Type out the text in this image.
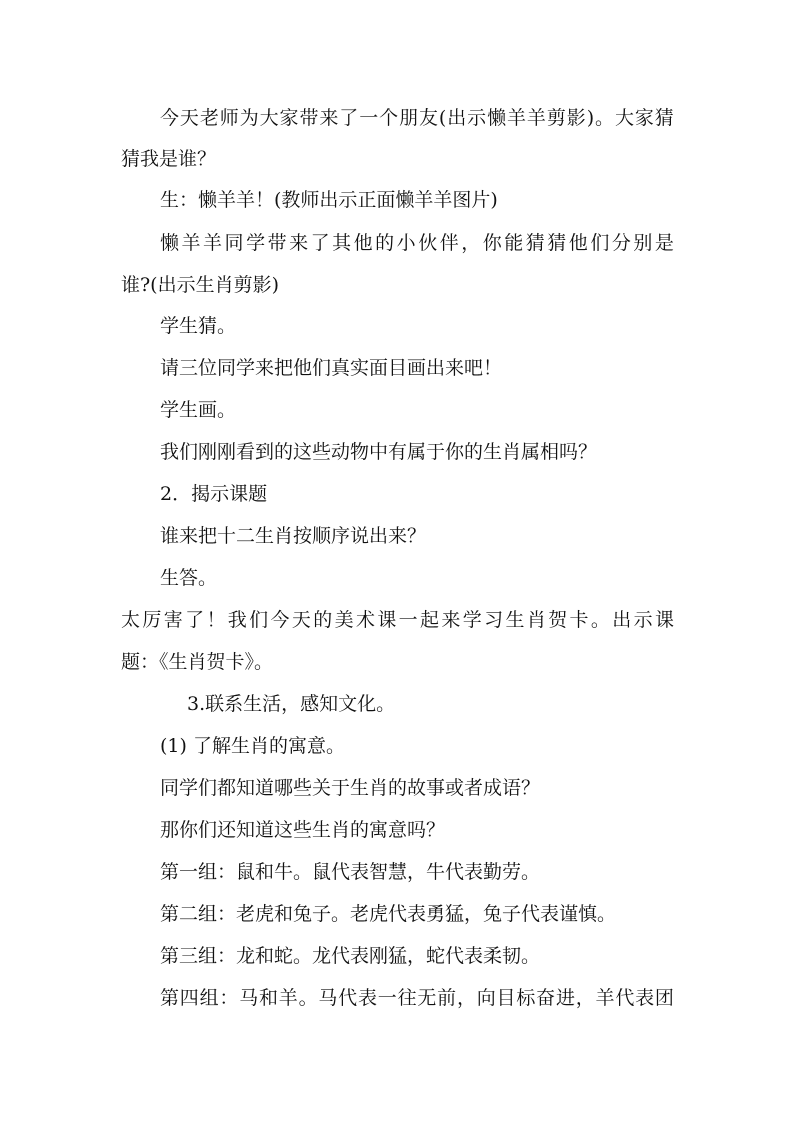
今 天 老 师 为 大 家 带 来 了 一 个 朋 友 ( 出 示 懒 羊 羊 剪 影 ) 。 大 家 猜
猜我是谁？
生：懒羊羊！(教师出示正面懒羊羊图片)
懒 羊 羊 同 学 带 来 了 其 他 的 小 伙 伴 ， 你 能 猜 猜 他 们 分 别 是
谁?(出示生肖剪影)
学生猜。
请三位同学来把他们真实面目画出来吧！
学生画。
我们刚刚看到的这些动物中有属于你的生肖属相吗？
2．揭示课题
谁来把十二生肖按顺序说出来？
生答。
太 厉 害 了 ！ 我 们 今 天 的 美 术 课 一 起 来 学 习 生 肖 贺 卡 。 出 示 课
题：《生肖贺卡》。
3.联系生活，感知文化。
(1) 了解生肖的寓意。
同学们都知道哪些关于生肖的故事或者成语？
那你们还知道这些生肖的寓意吗？
第一组：鼠和牛。鼠代表智慧，牛代表勤劳。
第二组：老虎和兔子。老虎代表勇猛，兔子代表谨慎。
第三组：龙和蛇。龙代表刚猛，蛇代表柔韧。
第 四 组 ： 马 和 羊 。 马 代 表 一 往 无 前 ， 向 目 标 奋 进 ， 羊 代 表 团
